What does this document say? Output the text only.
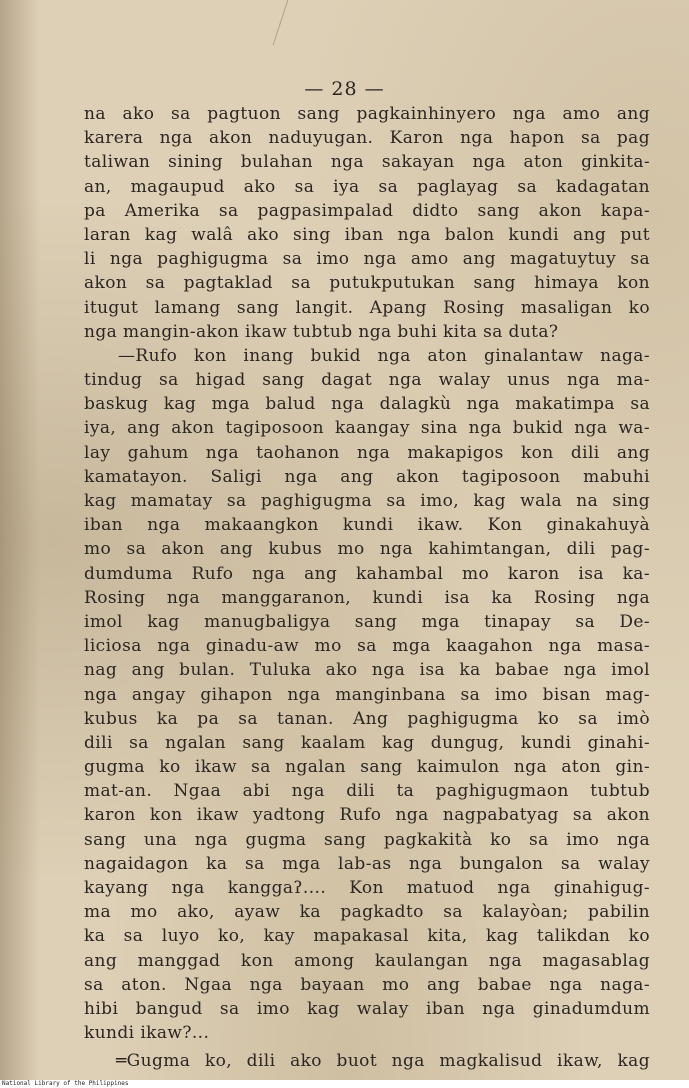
— 28 —
na ako sa pagtuon sang pagkainhinyero nga amo ang
karera nga akon naduyugan. Karon nga hapon sa pag
taliwan sining bulahan nga sakayan nga aton ginkita-
an, magaupud ako sa iya sa paglayag sa kadagatan
pa Amerika sa pagpasimpalad didto sang akon kapa-
laran kag walâ ako sing iban nga balon kundi ang put
li nga paghigugma sa imo nga amo ang magatuytuy sa
akon sa pagtaklad sa putukputukan sang himaya kon
itugut lamang sang langit. Apang Rosing masaligan ko
nga mangin-akon ikaw tubtub nga buhi kita sa duta?
—Rufo kon inang bukid nga aton ginalantaw naga-
tindug sa higad sang dagat nga walay unus nga ma-
baskug kag mga balud nga dalagkù nga makatimpa sa
iya, ang akon tagiposoon kaangay sina nga bukid nga wa-
lay gahum nga taohanon nga makapigos kon dili ang
kamatayon. Saligi nga ang akon tagiposoon mabuhi
kag mamatay sa paghigugma sa imo, kag wala na sing
iban nga makaangkon kundi ikaw. Kon ginakahuyà
mo sa akon ang kubus mo nga kahimtangan, dili pag-
dumduma Rufo nga ang kahambal mo karon isa ka-
Rosing nga manggaranon, kundi isa ka Rosing nga
imol kag manugbaligya sang mga tinapay sa De-
liciosa nga ginadu-aw mo sa mga kaagahon nga masa-
nag ang bulan. Tuluka ako nga isa ka babae nga imol
nga angay gihapon nga manginbana sa imo bisan mag-
kubus ka pa sa tanan. Ang paghigugma ko sa imò
dili sa ngalan sang kaalam kag dungug, kundi ginahi-
gugma ko ikaw sa ngalan sang kaimulon nga aton gin-
mat-an. Ngaa abi nga dili ta paghigugmaon tubtub
karon kon ikaw yadtong Rufo nga nagpabatyag sa akon
sang una nga gugma sang pagkakità ko sa imo nga
nagaidagon ka sa mga lab-as nga bungalon sa walay
kayang nga kanggaʔ.... Kon matuod nga ginahigug-
ma mo ako, ayaw ka pagkadto sa kalayòan; pabilin
ka sa luyo ko, kay mapakasal kita, kag talikdan ko
ang manggad kon among kaulangan nga magasablag
sa aton. Ngaa nga bayaan mo ang babae nga naga-
hibi bangud sa imo kag walay iban nga ginadumdum
kundi ikaw?...
═Gugma ko, dili ako buot nga magkalisud ikaw, kag
National Library of the Philippines
